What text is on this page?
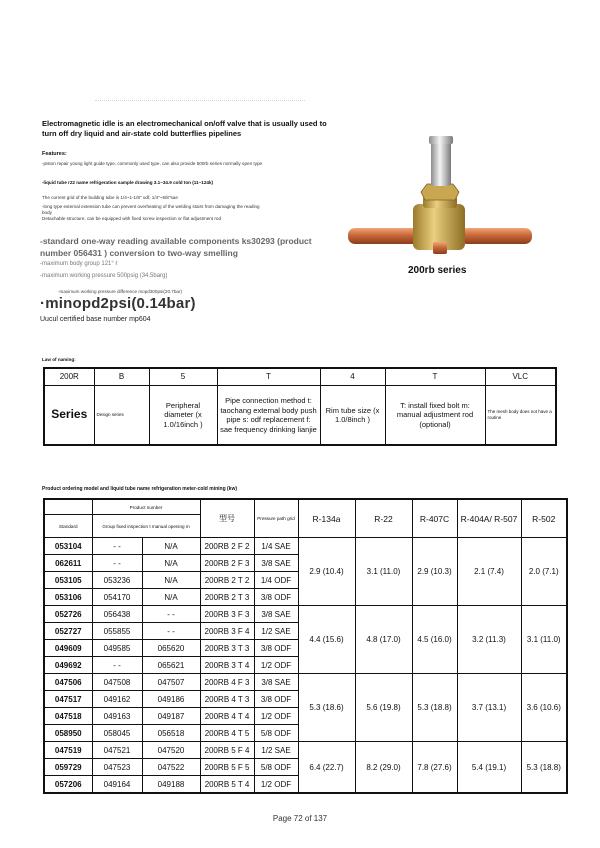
Electromagnetic idle is an electromechanical on/off valve that is usually used to turn off dry liquid and air-state cold butterflies pipelines
Features:
-piston repair young light guide type, commonly used type, can also provide 500rb series normally open type
-liquid tube r22 name refrigeration sample drawing 3.1~34.9 cold ton (11~124k)
The current grid of the building tube is 1/4~1-1/8" odf, 1/4"~5/8"sae
-long type external extension tube can prevent overheating of the welding stairs from damaging the reading body
Detachable structure, can be equipped with fixed screw inspection or flat adjustment rod
-standard one-way reading available components ks30293 (product number 056431 ) conversion to two-way smelling
-maximum body group 121° ℓ
-maximum working pressure 500psig (34.5barg)
-maximum working pressure difference mopd300psi(20.7bar)
·minopd2psi(0.14bar)
Uucul certified base number mp604
200rb series
Law of naming:
200R	B	5	T	4	T	VLC
Series	Design series	Peripheral diameter (x 1.0/16inch )	Pipe connection method t: taochang external body push pipe s: odf replacement f: sae frequency drinking lianjie	Rim tube size (x 1.0/8inch )	T: install fixed bolt m: manual adjustment rod (optional)	The mesh body does not have a routine
Product ordering model and liquid tube name refrigeration meter-cold mining (kw)
	Product number		型号	Pressure path grid	R-134a	R-22	R-407C	R-404A/ R-507	R-502
Standard	Group fixed inspection t manual opening m								
053104	- -	N/A	200RB 2 F 2	1/4 SAE	2.9 (10.4)	3.1 (11.0)	2.9 (10.3)	2.1 (7.4)	2.0 (7.1)
062611	- -	N/A	200RB 2 F 3	3/8 SAE					
053105	053236	N/A	200RB 2 T 2	1/4 ODF					
053106	054170	N/A	200RB 2 T 3	3/8 ODF					
052726	056438	- -	200RB 3 F 3	3/8 SAE	4.4 (15.6)	4.8 (17.0)	4.5 (16.0)	3.2 (11.3)	3.1 (11.0)
052727	055855	- -	200RB 3 F 4	1/2 SAE					
049609	049585	065620	200RB 3 T 3	3/8 ODF					
049692	- -	065621	200RB 3 T 4	1/2 ODF					
047506	047508	047507	200RB 4 F 3	3/8 SAE	5.3 (18.6)	5.6 (19.8)	5.3 (18.8)	3.7 (13.1)	3.6 (10.6)
047517	049162	049186	200RB 4 T 3	3/8 ODF					
047518	049163	049187	200RB 4 T 4	1/2 ODF					
058950	058045	056518	200RB 4 T 5	5/8 ODF					
047519	047521	047520	200RB 5 F 4	1/2 SAE	6.4 (22.7)	8.2 (29.0)	7.8 (27.6)	5.4 (19.1)	5.3 (18.8)
059729	047523	047522	200RB 5 F 5	5/8 ODF					
057206	049164	049188	200RB 5 T 4	1/2 ODF					
Page 72 of 137
